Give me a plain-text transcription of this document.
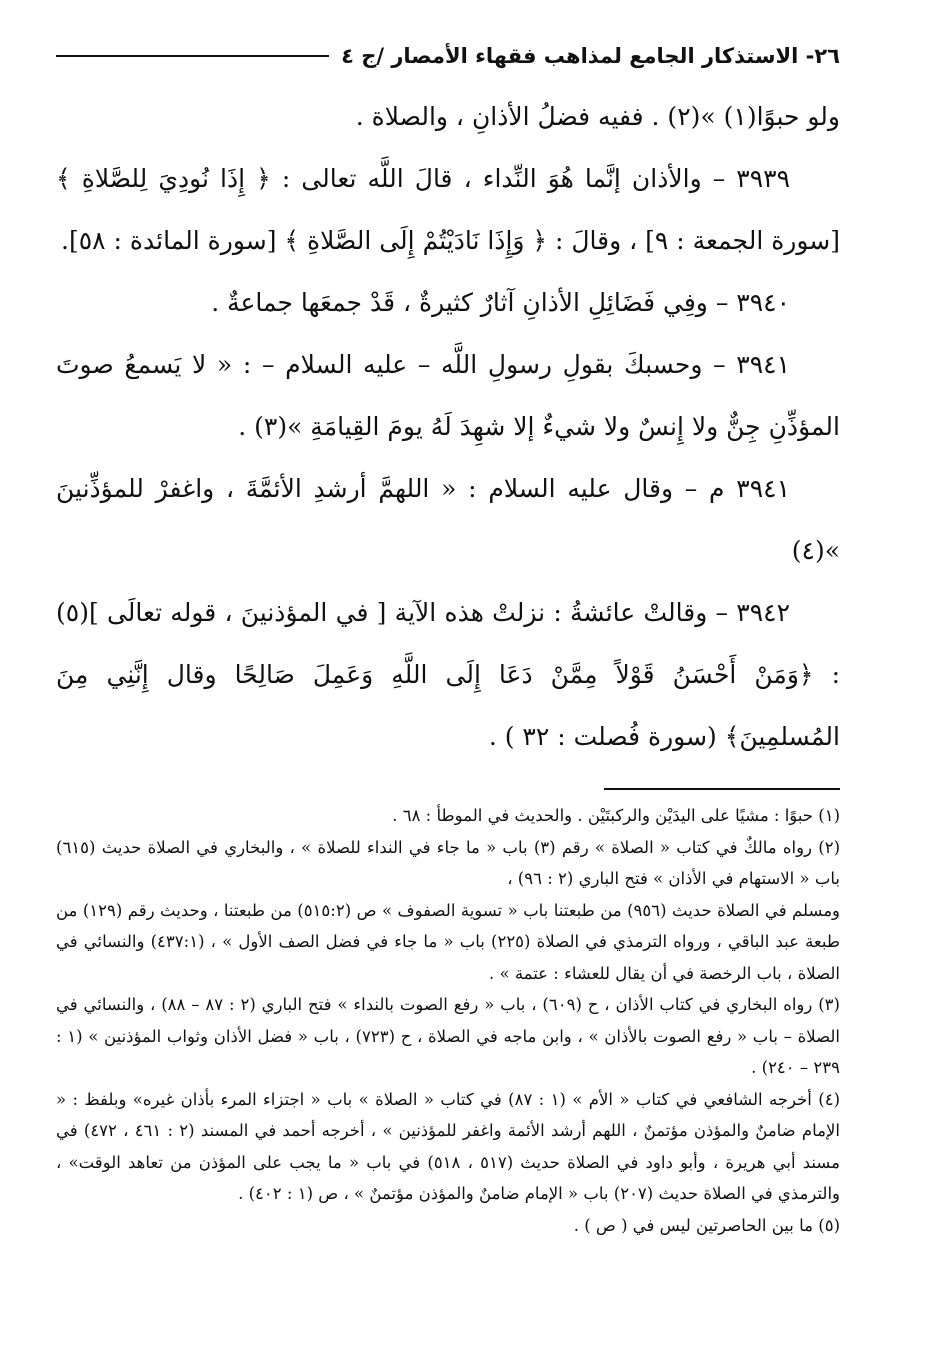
٢٦- الاستذكار الجامع لمذاهب فقهاء الأمصار /ج ٤

ولو حبوًا(١) »(٢) . ففيه فضلُ الأذانِ ، والصلاة .

٣٩٣٩ – والأذان إنَّما هُوَ النِّداء ، قالَ اللَّه تعالى : ﴿ إِذَا نُودِيَ لِلصَّلاةِ ﴾ [سورة الجمعة : ٩] ، وقالَ : ﴿ وَإِذَا نَادَيْتُمْ إِلَى الصَّلاةِ ﴾ [سورة المائدة : ٥٨].

٣٩٤٠ – وفِي فَضَائِلِ الأذانِ آثارٌ كثيرةٌ ، قَدْ جمعَها جماعةٌ .

٣٩٤١ – وحسبكَ بقولِ رسولِ اللَّه – عليه السلام – : « لا يَسمعُ صوتَ المؤذِّنِ جِنٌّ ولا إِنسٌ ولا شيءٌ إلا شهِدَ لَهُ يومَ القِيامَةِ »(٣) .

٣٩٤١ م – وقال عليه السلام : « اللهمَّ أرشدِ الأئمَّةَ ، واغفرْ للمؤذِّنينَ »(٤)

٣٩٤٢ – وقالتْ عائشةُ : نزلتْ هذه الآية [ في المؤذنينَ ، قوله تعالَى ](٥) : ﴿وَمَنْ أَحْسَنُ قَوْلاً مِمَّنْ دَعَا إِلَى اللَّهِ وَعَمِلَ صَالِحًا وقال إِنَّنِي مِنَ المُسلمِينَ﴾ (سورة فُصلت : ٣٢ ) .

(١) حبوًا : مشيًا على اليدَيْن والركبتَيْن . والحديث في الموطأ : ٦٨ .

(٢) رواه مالكٌ في كتاب « الصلاة » رقم (٣) باب « ما جاء في النداء للصلاة » ، والبخاري في الصلاة حديث (٦١٥) باب « الاستهام في الأذان » فتح الباري (٢ : ٩٦) ،

ومسلم في الصلاة حديث (٩٥٦) من طبعتنا باب « تسوية الصفوف » ص (٥١٥:٢) من طبعتنا ، وحديث رقم (١٢٩) من طبعة عبد الباقي ، ورواه الترمذي في الصلاة (٢٢٥) باب « ما جاء في فضل الصف الأول » ، (٤٣٧:١) والنسائي في الصلاة ، باب الرخصة في أن يقال للعشاء : عتمة » .

(٣) رواه البخاري في كتاب الأذان ، ح (٦٠٩) ، باب « رفع الصوت بالنداء » فتح الباري (٢ : ٨٧ – ٨٨) ، والنسائي في الصلاة – باب « رفع الصوت بالأذان » ، وابن ماجه في الصلاة ، ح (٧٢٣) ، باب « فضل الأذان وثواب المؤذنين » (١ : ٢٣٩ – ٢٤٠) .

(٤) أخرجه الشافعي في كتاب « الأم » (١ : ٨٧) في كتاب « الصلاة » باب « اجتزاء المرء بأذان غيره» وبلفظ : « الإمام ضامنٌ والمؤذن مؤتمنٌ ، اللهم أرشد الأئمة واغفر للمؤذنين » ، أخرجه أحمد في المسند (٢ : ٤٦١ ، ٤٧٢) في مسند أبي هريرة ، وأبو داود في الصلاة حديث (٥١٧ ، ٥١٨) في باب « ما يجب على المؤذن من تعاهد الوقت» ، والترمذي في الصلاة حديث (٢٠٧) باب « الإمام ضامنٌ والمؤذن مؤتمنٌ » ، ص (١ : ٤٠٢) .

(٥) ما بين الحاصرتين ليس في ( ص ) .
